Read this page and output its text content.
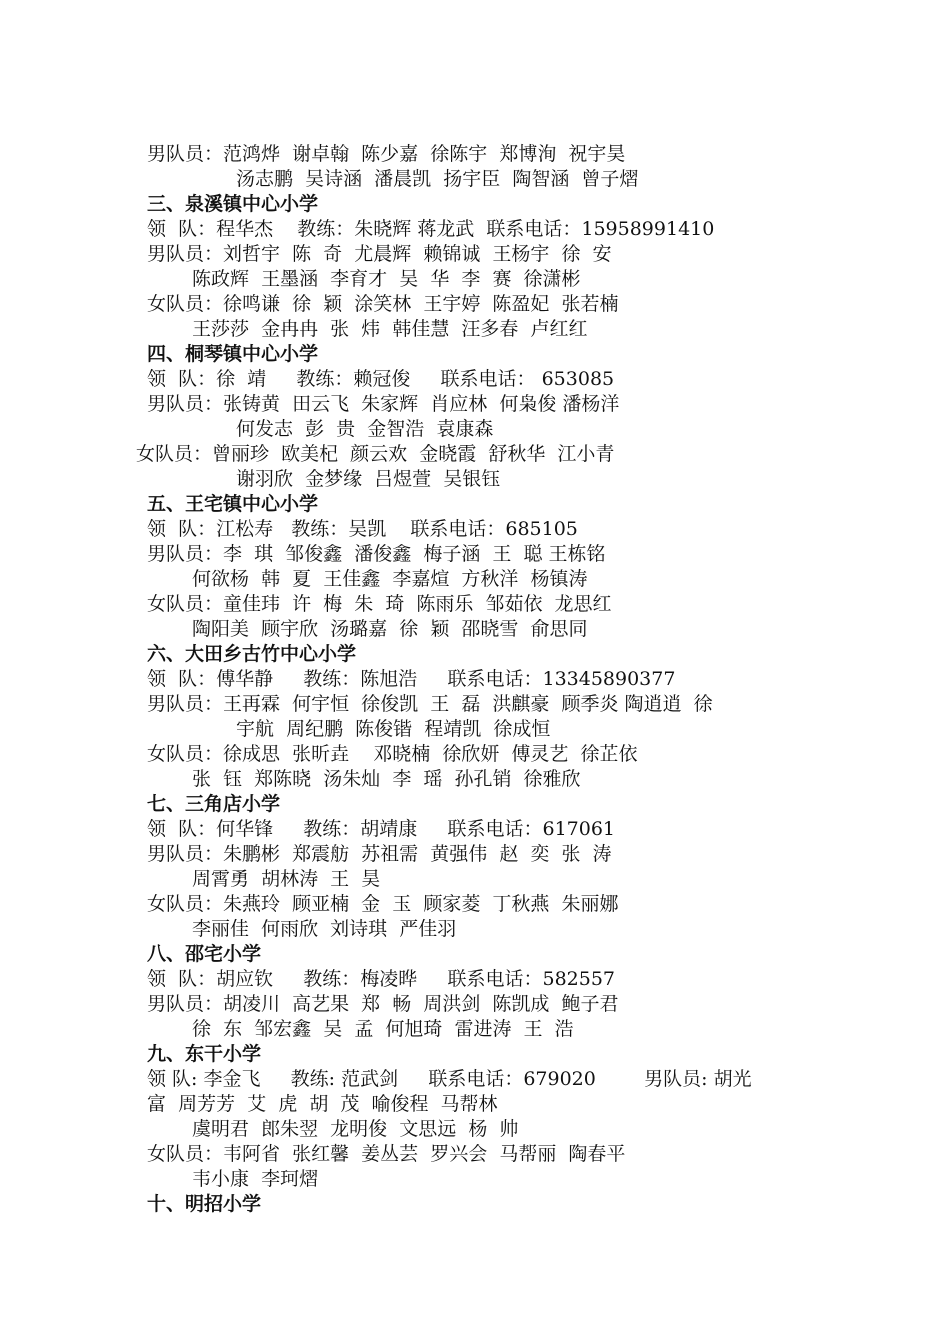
男队员：范鸿烨  谢卓翰  陈少嘉  徐陈宇  郑博洵  祝宇昊
汤志鹏  吴诗涵  潘晨凯  扬宇臣  陶智涵  曾子熠
三、泉溪镇中心小学
领  队：程华杰    教练：朱晓辉 蒋龙武  联系电话：15958991410
男队员：刘哲宇  陈  奇  尤晨辉  赖锦诚  王杨宇  徐  安
陈政辉  王墨涵  李育才  吴  华  李  赛  徐潇彬
女队员：徐鸣谦  徐  颖  涂笑林  王宇婷  陈盈妃  张若楠
王莎莎  金冉冉  张  炜  韩佳慧  汪多春  卢红红
四、桐琴镇中心小学
领  队：徐  靖     教练：赖冠俊     联系电话： 653085
男队员：张铸黄  田云飞  朱家辉  肖应林  何枭俊 潘杨洋
何发志  彭  贵  金智浩  袁康森
女队员：曾丽珍  欧美杞  颜云欢  金晓霞  舒秋华  江小青
谢羽欣  金梦缘  吕煜萱  吴银钰
五、王宅镇中心小学
领  队：江松寿   教练：吴凯    联系电话：685105
男队员：李  琪  邹俊鑫  潘俊鑫  梅子涵  王  聪 王栋铭
何欲杨  韩  夏  王佳鑫  李嘉煊  方秋洋  杨镇涛
女队员：童佳玮  许  梅  朱  琦  陈雨乐  邹茹依  龙思红
陶阳美  顾宇欣  汤璐嘉  徐  颖  邵晓雪  俞思同
六、大田乡古竹中心小学
领  队：傅华静     教练：陈旭浩     联系电话：13345890377
男队员：王再霖  何宇恒  徐俊凯  王  磊  洪麒豪  顾季炎 陶逍逍  徐
宇航  周纪鹏  陈俊锴  程靖凯  徐成恒
女队员：徐成思  张昕垚    邓晓楠  徐欣妍  傅灵艺  徐芷依
张  钰  郑陈晓  汤朱灿  李  瑶  孙孔销  徐雅欣
七、三角店小学
领  队：何华锋     教练：胡靖康     联系电话：617061
男队员：朱鹏彬  郑震舫  苏祖需  黄强伟  赵  奕  张  涛
周霄勇  胡林涛  王  昊
女队员：朱燕玲  顾亚楠  金  玉  顾家菱  丁秋燕  朱丽娜
李丽佳  何雨欣  刘诗琪  严佳羽
八、邵宅小学
领  队：胡应钦     教练：梅凌晔     联系电话：582557
男队员：胡凌川  高艺果  郑  畅  周洪剑  陈凯成  鲍子君
徐  东  邹宏鑫  吴  孟  何旭琦  雷进涛  王  浩
九、东干小学
领 队: 李金飞     教练: 范武剑     联系电话：679020        男队员: 胡光
富  周芳芳  艾  虎  胡  茂  喻俊程  马帮林
虞明君  郎朱翌  龙明俊  文思远  杨  帅
女队员：韦阿省  张红馨  姜丛芸  罗兴会  马帮丽  陶春平
韦小康  李珂熠
十、明招小学
